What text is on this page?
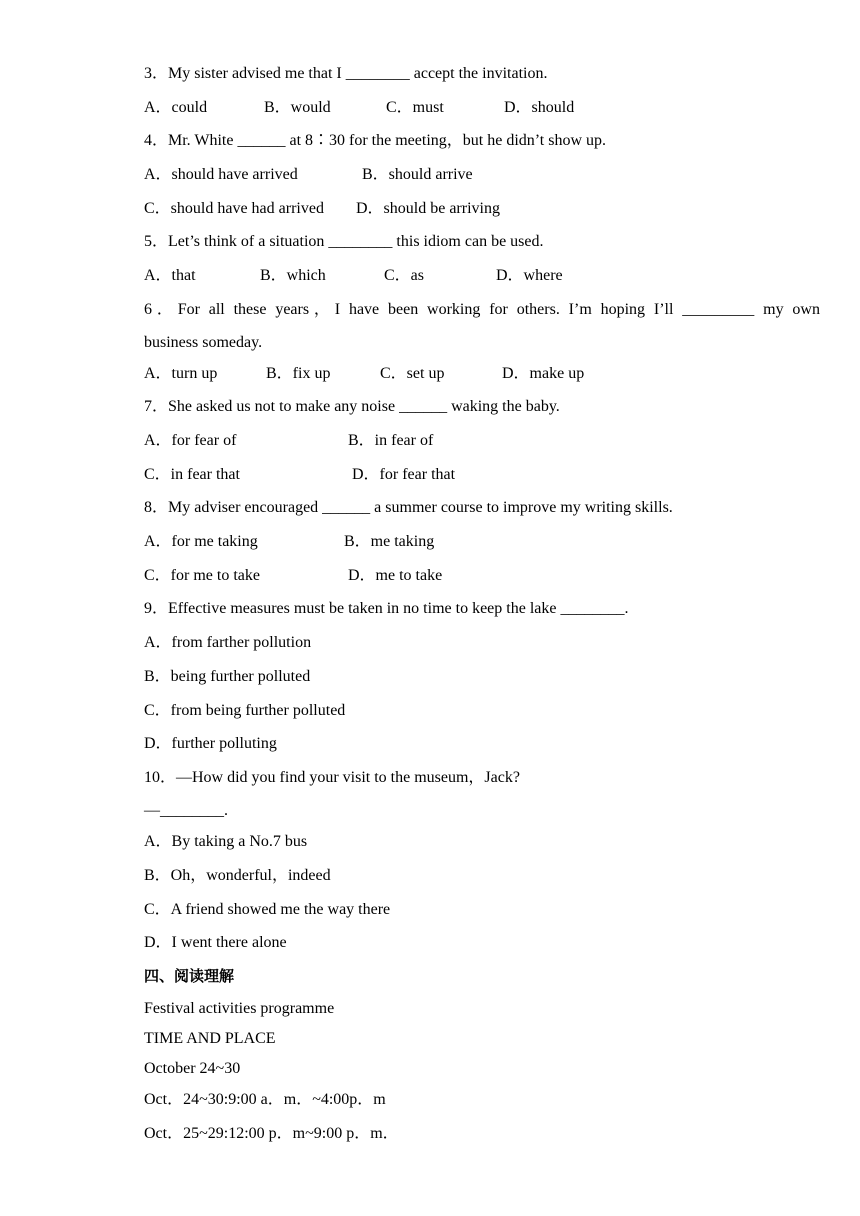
3．My sister advised me that I ________ accept the invitation.
A．could	B．would	C．must	D．should
4．Mr. White ______ at 8∶30 for the meeting，but he didn’t show up.
A．should have arrived	B．should arrive
C．should have had arrived D．should be arriving
5．Let’s think of a situation ________ this idiom can be used.
A．that	B．which	C．as	D．where
6．For all these years，I have been working for others. I’m hoping I’ll _________ my own
business someday.
A．turn up	B．fix up	C．set up	D．make up
7．She asked us not to make any noise ______ waking the baby.
A．for fear of	B．in fear of
C．in fear that	D．for fear that
8．My adviser encouraged ______ a summer course to improve my writing skills.
A．for me taking	B．me taking
C．for me to take	D．me to take
9．Effective measures must be taken in no time to keep the lake ________.
A．from farther pollution
B．being further polluted
C．from being further polluted
D．further polluting
10．—How did you find your visit to the museum，Jack?
—________.
A．By taking a No.7 bus
B．Oh，wonderful，indeed
C．A friend showed me the way there
D．I went there alone
四、阅读理解
Festival activities programme
TIME AND PLACE
October 24~30
Oct．24~30:9:00 a．m．~4:00p．m
Oct．25~29:12:00 p．m~9:00 p．m．
